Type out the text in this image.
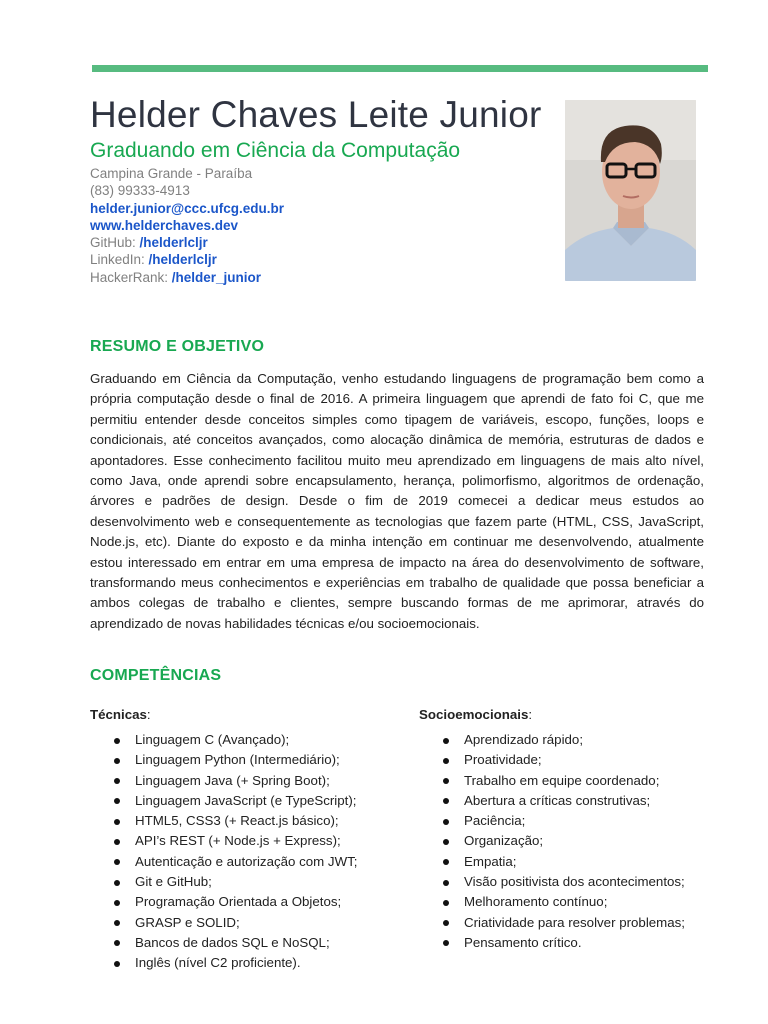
Helder Chaves Leite Junior
Graduando em Ciência da Computação
Campina Grande - Paraíba
(83) 99333-4913
helder.junior@ccc.ufcg.edu.br
www.helderchaves.dev
GitHub: /helderlcljr
LinkedIn: /helderlcljr
HackerRank: /helder_junior
RESUMO E OBJETIVO

Graduando em Ciência da Computação, venho estudando linguagens de programação bem como a própria computação desde o final de 2016. A primeira linguagem que aprendi de fato foi C, que me permitiu entender desde conceitos simples como tipagem de variáveis, escopo, funções, loops e condicionais, até conceitos avançados, como alocação dinâmica de memória, estruturas de dados e apontadores. Esse conhecimento facilitou muito meu aprendizado em linguagens de mais alto nível, como Java, onde aprendi sobre encapsulamento, herança, polimorfismo, algoritmos de ordenação, árvores e padrões de design. Desde o fim de 2019 comecei a dedicar meus estudos ao desenvolvimento web e consequentemente as tecnologias que fazem parte (HTML, CSS, JavaScript, Node.js, etc). Diante do exposto e da minha intenção em continuar me desenvolvendo, atualmente estou interessado em entrar em uma empresa de impacto na área do desenvolvimento de software, transformando meus conhecimentos e experiências em trabalho de qualidade que possa beneficiar a ambos colegas de trabalho e clientes, sempre buscando formas de me aprimorar, através do aprendizado de novas habilidades técnicas e/ou socioemocionais.

COMPETÊNCIAS
Técnicas:
Linguagem C (Avançado);
Linguagem Python (Intermediário);
Linguagem Java (+ Spring Boot);
Linguagem JavaScript (e TypeScript);
HTML5, CSS3 (+ React.js básico);
API’s REST (+ Node.js + Express);
Autenticação e autorização com JWT;
Git e GitHub;
Programação Orientada a Objetos;
GRASP e SOLID;
Bancos de dados SQL e NoSQL;
Inglês (nível C2 proficiente).
Socioemocionais:
Aprendizado rápido;
Proatividade;
Trabalho em equipe coordenado;
Abertura a críticas construtivas;
Paciência;
Organização;
Empatia;
Visão positivista dos acontecimentos;
Melhoramento contínuo;
Criatividade para resolver problemas;
Pensamento crítico.
